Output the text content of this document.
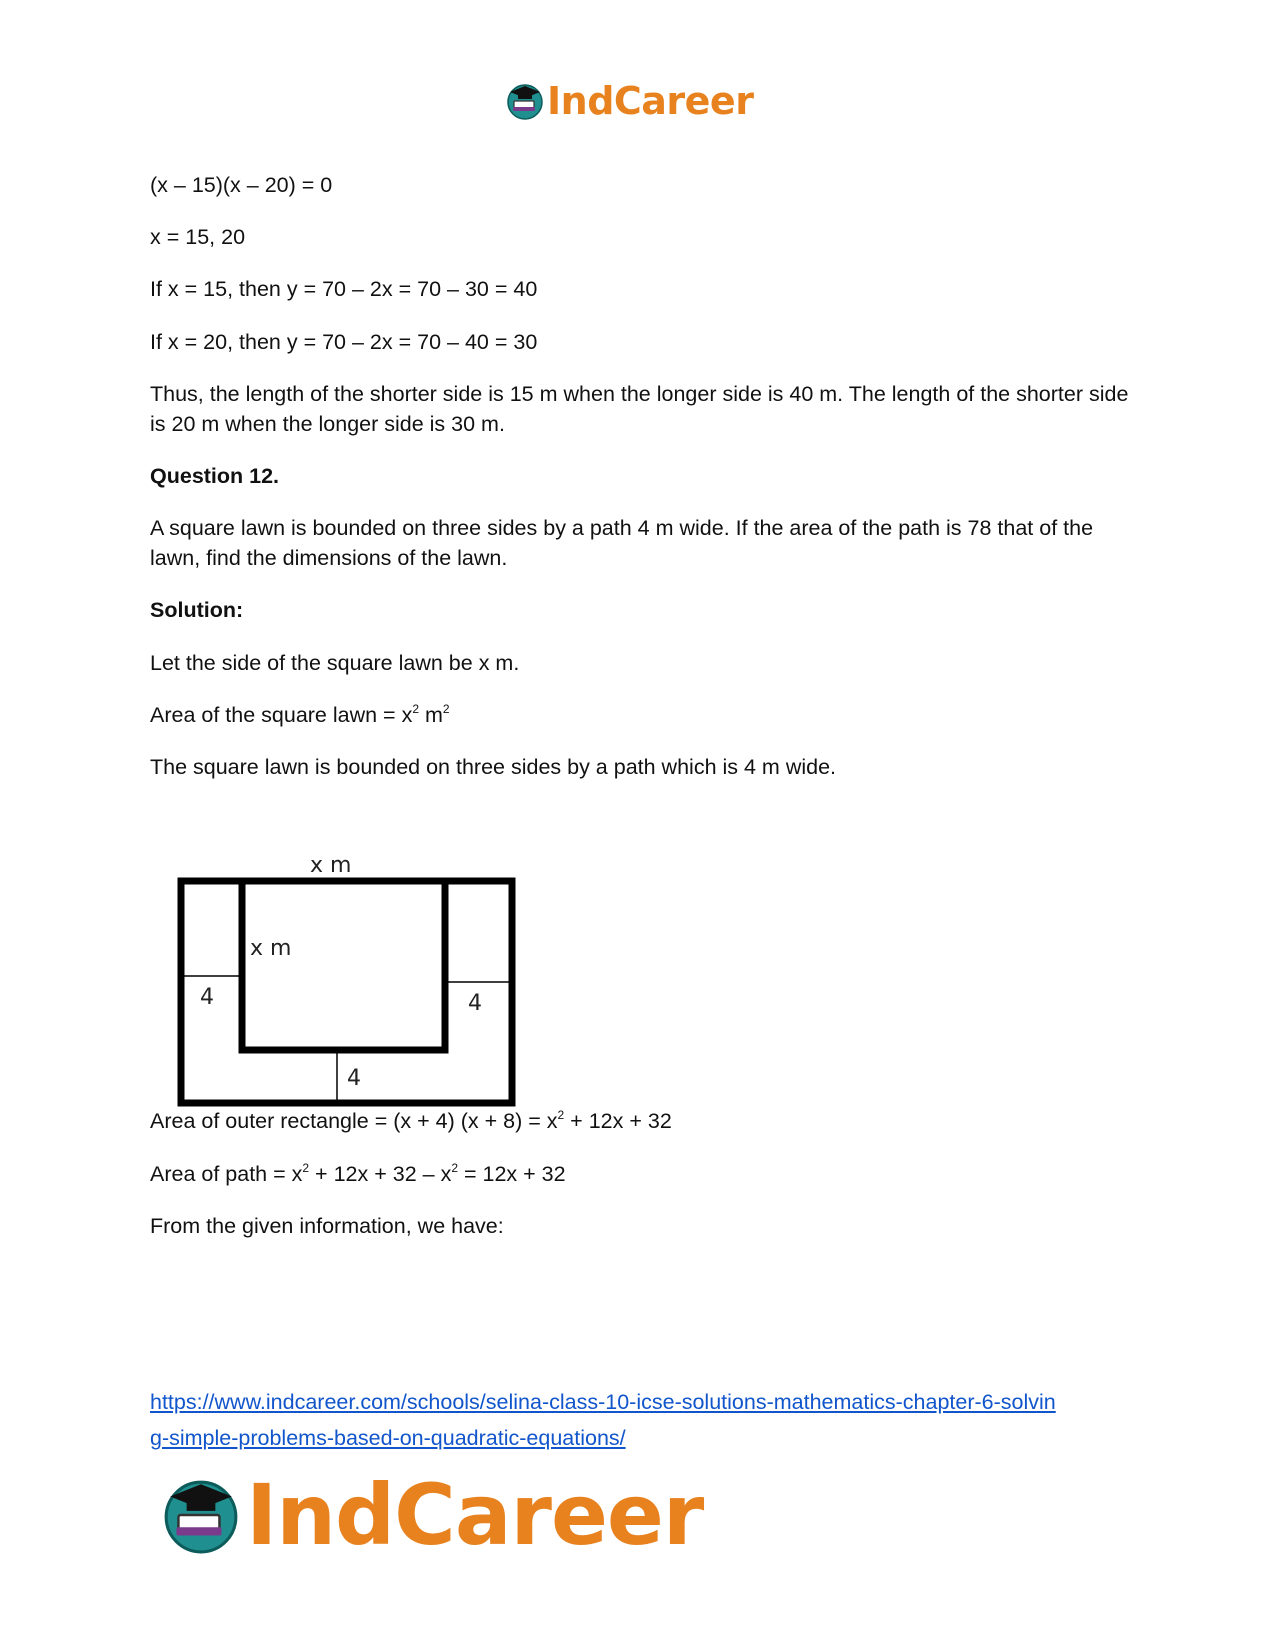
IndCareer
(x – 15)(x – 20) = 0
x = 15, 20
If x = 15, then y = 70 – 2x = 70 – 30 = 40
If x = 20, then y = 70 – 2x = 70 – 40 = 30
Thus, the length of the shorter side is 15 m when the longer side is 40 m. The length of the shorter side is 20 m when the longer side is 30 m.
Question 12.
A square lawn is bounded on three sides by a path 4 m wide. If the area of the path is 78 that of the lawn, find the dimensions of the lawn.
Solution:
Let the side of the square lawn be x m.
Area of the square lawn = $x^2$ $m^2$
The square lawn is bounded on three sides by a path which is 4 m wide.
Area of outer rectangle = (x + 4) $(x + 8) = x^2 + 12x + 32$
Area of path = $x^2 + 12x + 32 - x^2 = 12x + 32$
From the given information, we have:
x m
x m
4	4
4
https://www.indcareer.com/schools/selina-class-10-icse-solutions-mathematics-chapter-6-solvin
g-simple-problems-based-on-quadratic-equations/
IndCareer
